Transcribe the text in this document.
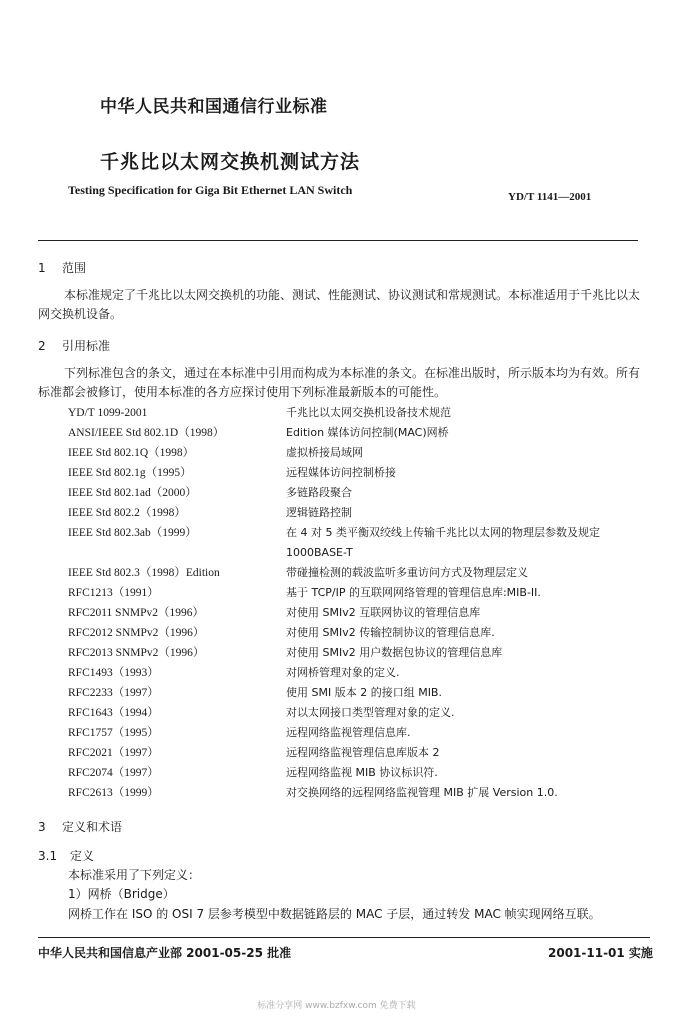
中华人民共和国通信行业标准
千兆比以太网交换机测试方法
Testing Specification for Giga Bit Ethernet LAN Switch	YD/T 1141—2001
1 范围
本标准规定了千兆比以太网交换机的功能、测试、性能测试、协议测试和常规测试。本标准适用于千兆比以太网交换机设备。
2 引用标准
下列标准包含的条文，通过在本标准中引用而构成为本标准的条文。在标准出版时，所示版本均为有效。所有标准都会被修订，使用本标准的各方应探讨使用下列标准最新版本的可能性。
YD/T 1099-2001	千兆比以太网交换机设备技术规范
ANSI/IEEE Std 802.1D（1998）	Edition 媒体访问控制(MAC)网桥
IEEE Std 802.1Q（1998）	虚拟桥接局域网
IEEE Std 802.1g（1995）	远程媒体访问控制桥接
IEEE Std 802.1ad（2000）	多链路段聚合
IEEE Std 802.2（1998）	逻辑链路控制
IEEE Std 802.3ab（1999）	在 4 对 5 类平衡双绞线上传输千兆比以太网的物理层参数及规定 1000BASE-T
IEEE Std 802.3（1998）Edition	带碰撞检测的载波监听多重访问方式及物理层定义
RFC1213（1991）	基于 TCP/IP 的互联网网络管理的管理信息库:MIB-II.
RFC2011 SNMPv2（1996）	对使用 SMIv2 互联网协议的管理信息库
RFC2012 SNMPv2（1996）	对使用 SMIv2 传输控制协议的管理信息库.
RFC2013 SNMPv2（1996）	对使用 SMIv2 用户数据包协议的管理信息库
RFC1493（1993）	对网桥管理对象的定义.
RFC2233（1997）	使用 SMI 版本 2 的接口组 MIB.
RFC1643（1994）	对以太网接口类型管理对象的定义.
RFC1757（1995）	远程网络监视管理信息库.
RFC2021（1997）	远程网络监视管理信息库版本 2
RFC2074（1997）	远程网络监视 MIB 协议标识符.
RFC2613（1999）	对交换网络的远程网络监视管理 MIB 扩展 Version 1.0.
3 定义和术语
3.1 定义
本标准采用了下列定义：
1）网桥（Bridge）
网桥工作在 ISO 的 OSI 7 层参考模型中数据链路层的 MAC 子层，通过转发 MAC 帧实现网络互联。
中华人民共和国信息产业部 2001-05-25 批准	2001-11-01 实施
标准分享网 www.bzfxw.com 免费下载
